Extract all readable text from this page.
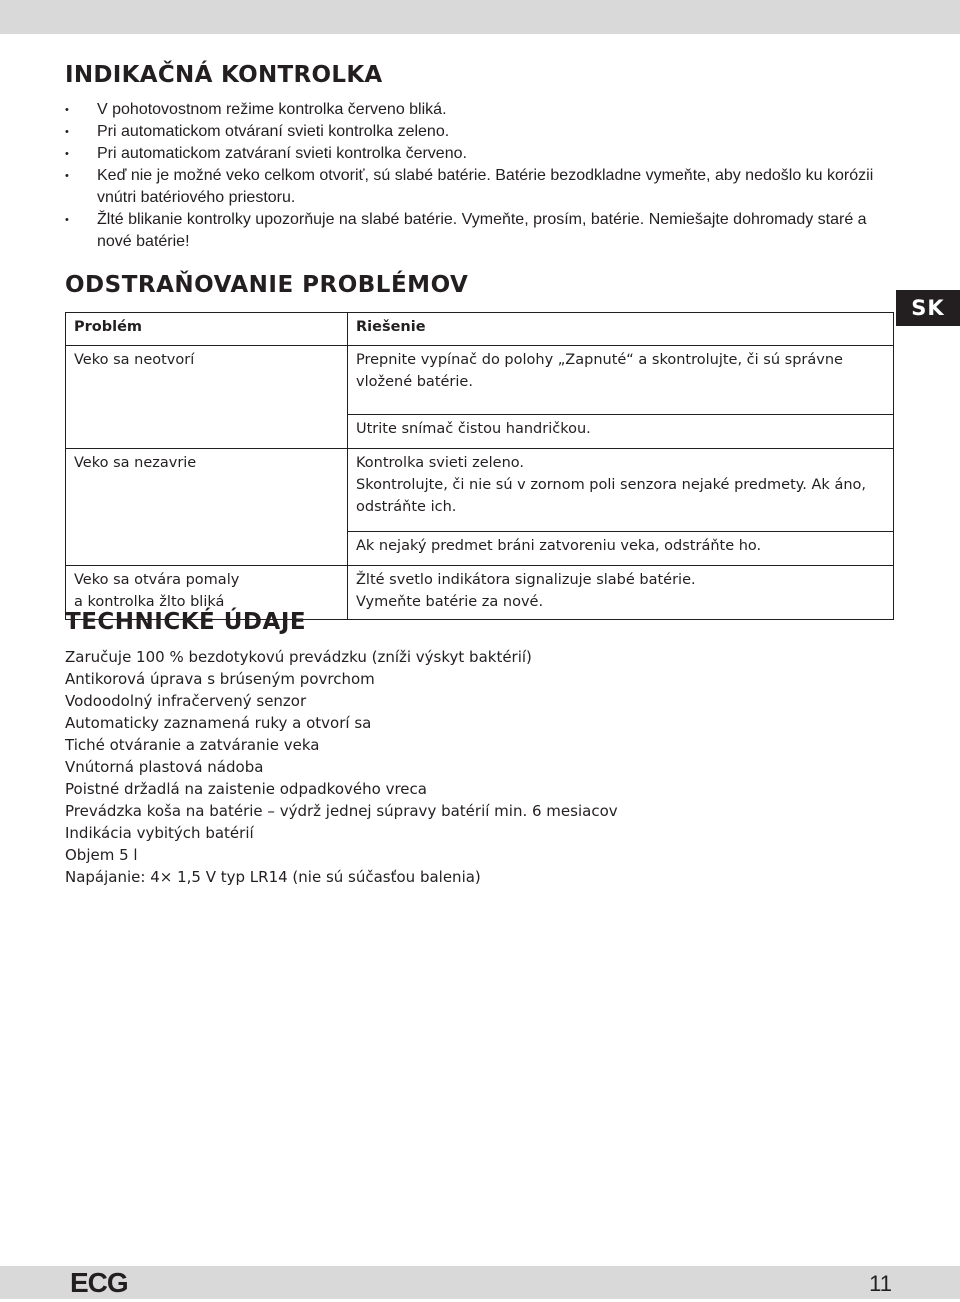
INDIKAČNÁ KONTROLKA
• V pohotovostnom režime kontrolka červeno bliká.
• Pri automatickom otváraní svieti kontrolka zeleno.
• Pri automatickom zatváraní svieti kontrolka červeno.
• Keď nie je možné veko celkom otvoriť, sú slabé batérie. Batérie bezodkladne vymeňte, aby nedošlo ku korózii vnútri batériového priestoru.
• Žlté blikanie kontrolky upozorňuje na slabé batérie. Vymeňte, prosím, batérie. Nemiešajte dohromady staré a nové batérie!
ODSTRAŇOVANIE PROBLÉMOV
SK
Problém	Riešenie
Veko sa neotvorí	Prepnite vypínač do polohy „Zapnuté“ a skontrolujte, či sú správne vložené batérie.
	Utrite snímač čistou handričkou.
Veko sa nezavrie	Kontrolka svieti zeleno.
Skontrolujte, či nie sú v zornom poli senzora nejaké predmety. Ak áno, odstráňte ich.
	Ak nejaký predmet bráni zatvoreniu veka, odstráňte ho.
Veko sa otvára pomaly
a kontrolka žlto bliká	Žlté svetlo indikátora signalizuje slabé batérie.
Vymeňte batérie za nové.
TECHNICKÉ ÚDAJE
Zaručuje 100 % bezdotykovú prevádzku (zníži výskyt baktérií)
Antikorová úprava s brúseným povrchom
Vodoodolný infračervený senzor
Automaticky zaznamená ruky a otvorí sa
Tiché otváranie a zatváranie veka
Vnútorná plastová nádoba
Poistné držadlá na zaistenie odpadkového vreca
Prevádzka koša na batérie – výdrž jednej súpravy batérií min. 6 mesiacov
Indikácia vybitých batérií
Objem 5 l
Napájanie: 4× 1,5 V typ LR14 (nie sú súčasťou balenia)
ECG	11
